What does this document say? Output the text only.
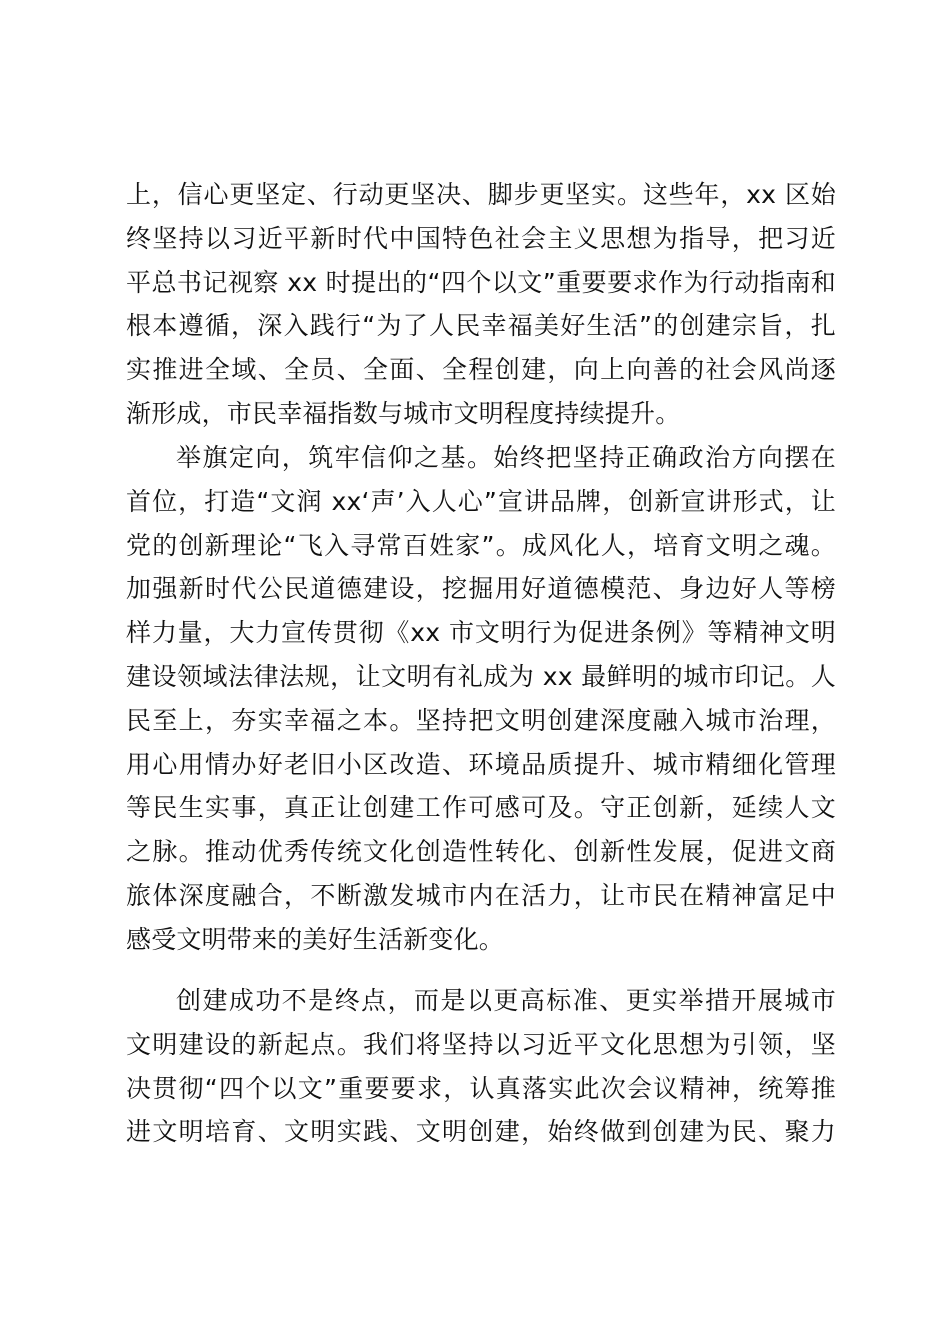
上，信心更坚定、行动更坚决、脚步更坚实。这些年，xx 区始
终坚持以习近平新时代中国特色社会主义思想为指导，把习近
平总书记视察 xx 时提出的“四个以文”重要要求作为行动指南和
根本遵循，深入践行“为了人民幸福美好生活”的创建宗旨，扎
实推进全域、全员、全面、全程创建，向上向善的社会风尚逐
渐形成，市民幸福指数与城市文明程度持续提升。
举旗定向，筑牢信仰之基。始终把坚持正确政治方向摆在
首位，打造“文润 xx‘声’入人心”宣讲品牌，创新宣讲形式，让
党的创新理论“飞入寻常百姓家”。成风化人，培育文明之魂。
加强新时代公民道德建设，挖掘用好道德模范、身边好人等榜
样力量，大力宣传贯彻《xx 市文明行为促进条例》等精神文明
建设领域法律法规，让文明有礼成为 xx 最鲜明的城市印记。人
民至上，夯实幸福之本。坚持把文明创建深度融入城市治理，
用心用情办好老旧小区改造、环境品质提升、城市精细化管理
等民生实事，真正让创建工作可感可及。守正创新，延续人文
之脉。推动优秀传统文化创造性转化、创新性发展，促进文商
旅体深度融合，不断激发城市内在活力，让市民在精神富足中
感受文明带来的美好生活新变化。
创建成功不是终点，而是以更高标准、更实举措开展城市
文明建设的新起点。我们将坚持以习近平文化思想为引领，坚
决贯彻“四个以文”重要要求，认真落实此次会议精神，统筹推
进文明培育、文明实践、文明创建，始终做到创建为民、聚力
